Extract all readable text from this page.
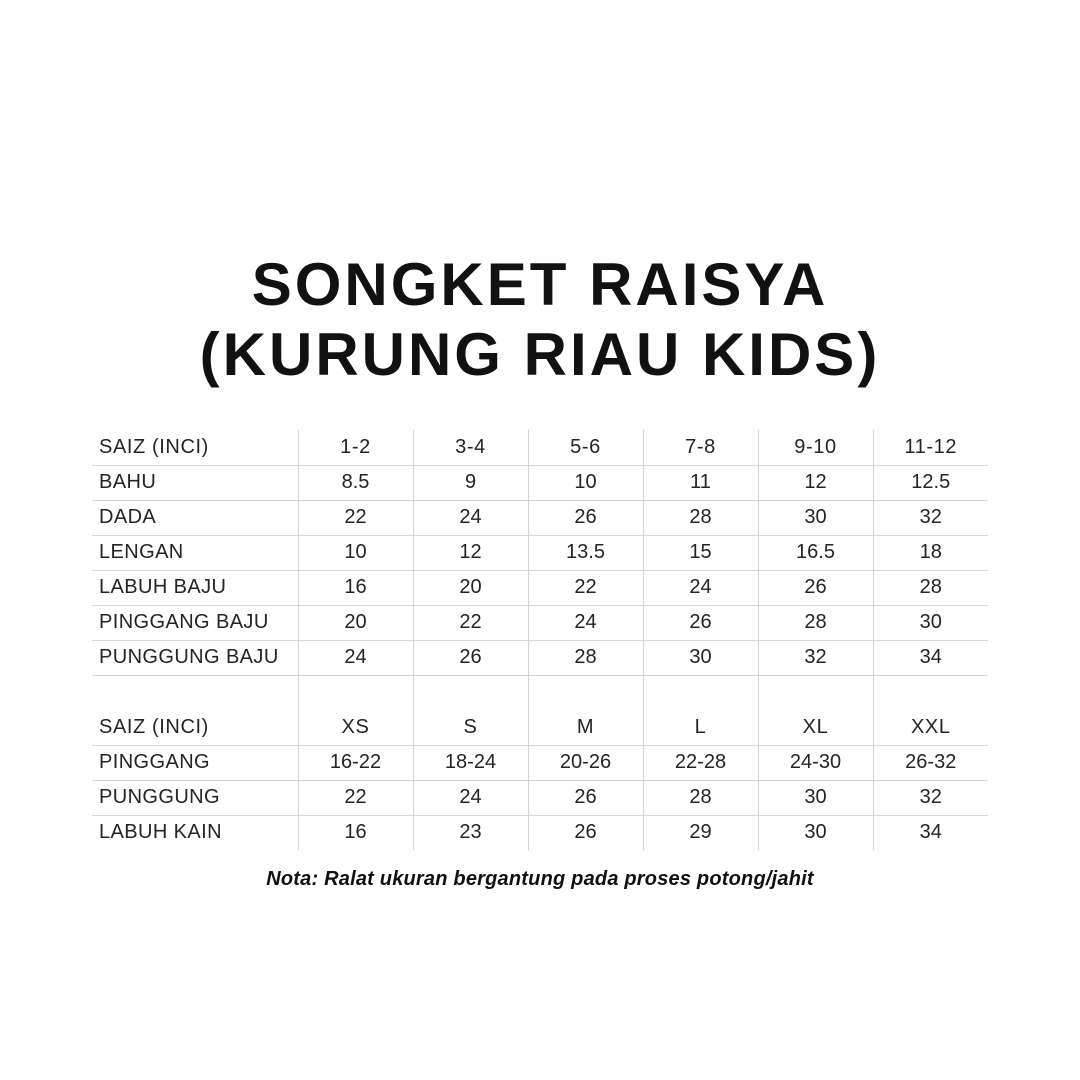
SONGKET RAISYA
(KURUNG RIAU KIDS)
SAIZ (INCI)	1-2	3-4	5-6	7-8	9-10	11-12
BAHU	8.5	9	10	11	12	12.5
DADA	22	24	26	28	30	32
LENGAN	10	12	13.5	15	16.5	18
LABUH BAJU	16	20	22	24	26	28
PINGGANG BAJU	20	22	24	26	28	30
PUNGGUNG BAJU	24	26	28	30	32	34

SAIZ (INCI)	XS	S	M	L	XL	XXL
PINGGANG	16-22	18-24	20-26	22-28	24-30	26-32
PUNGGUNG	22	24	26	28	30	32
LABUH KAIN	16	23	26	29	30	34
Nota: Ralat ukuran bergantung pada proses potong/jahit
